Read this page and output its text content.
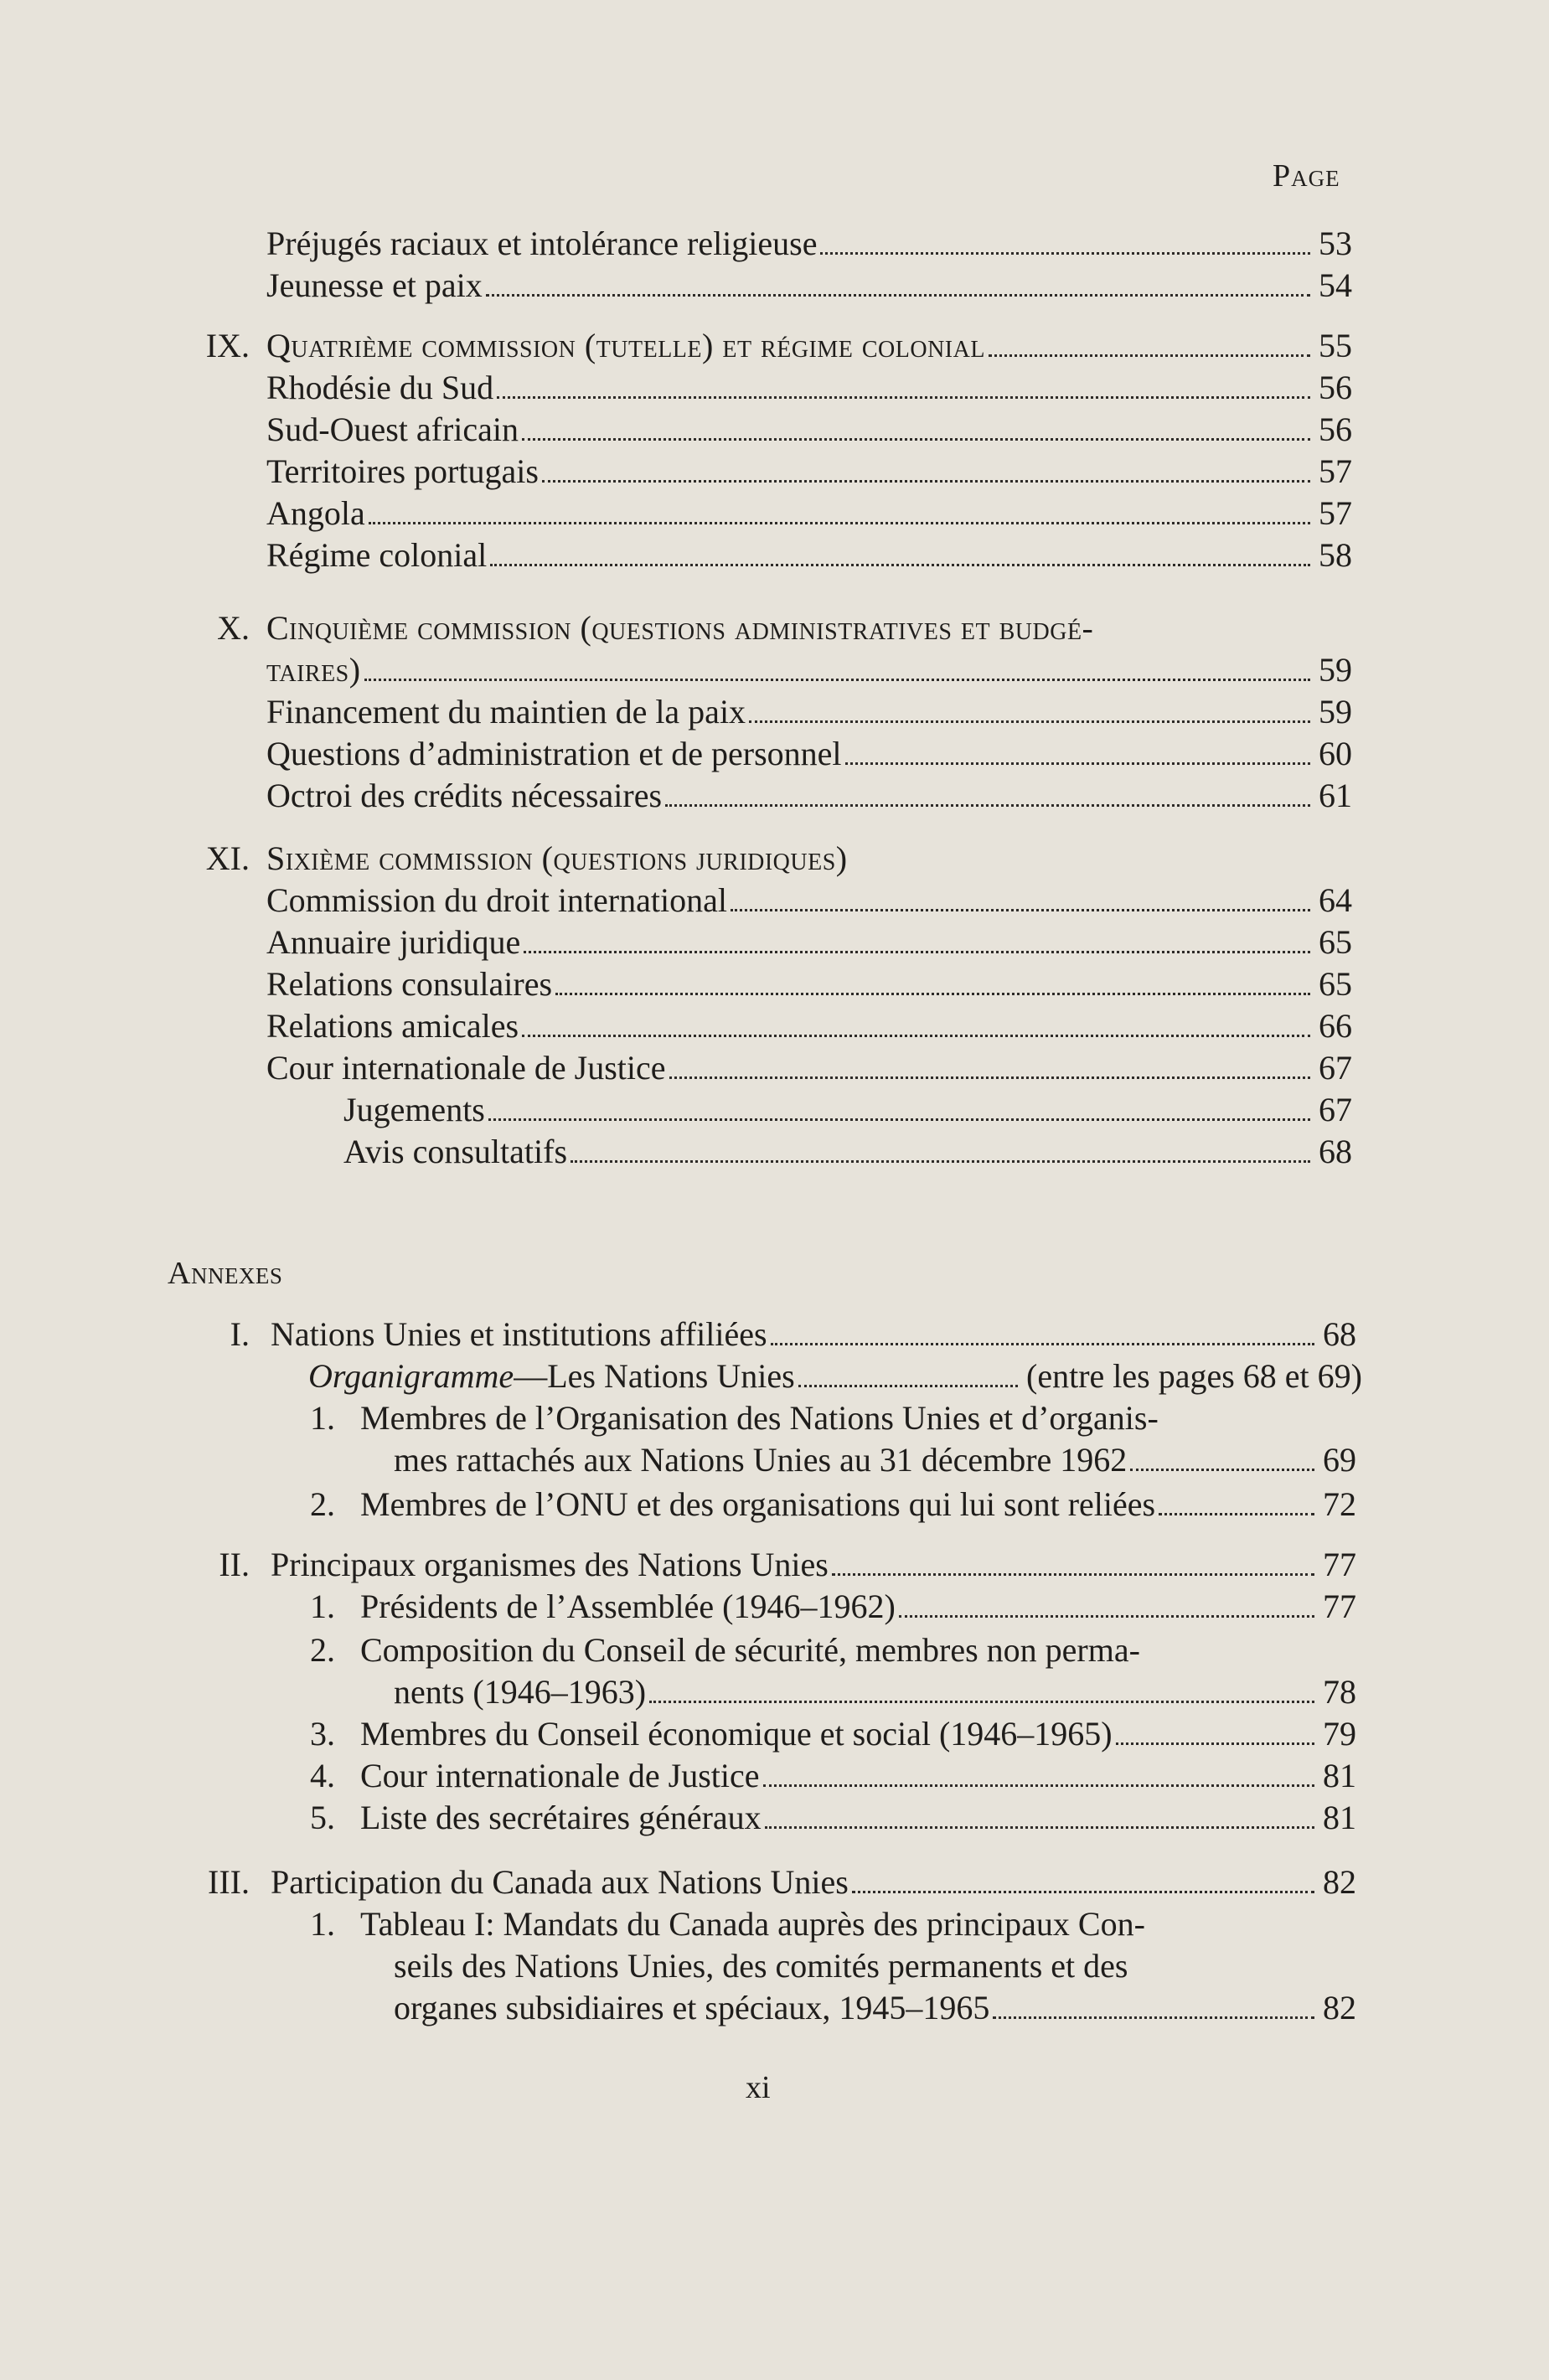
Page
Préjugés raciaux et intolérance religieuse	53
Jeunesse et paix	54
IX. Quatrième commission (tutelle) et régime colonial	55
Rhodésie du Sud	56
Sud-Ouest africain	56
Territoires portugais	57
Angola	57
Régime colonial	58
X. Cinquième commission (questions administratives et budgé-
taires)	59
Financement du maintien de la paix	59
Questions d’administration et de personnel	60
Octroi des crédits nécessaires	61
XI. Sixième commission (questions juridiques)
Commission du droit international	64
Annuaire juridique	65
Relations consulaires	65
Relations amicales	66
Cour internationale de Justice	67
Jugements	67
Avis consultatifs	68
Annexes
I. Nations Unies et institutions affiliées	68
Organigramme—Les Nations Unies	(entre les pages 68 et 69)
1. Membres de l’Organisation des Nations Unies et d’organis-
mes rattachés aux Nations Unies au 31 décembre 1962	69
2. Membres de l’ONU et des organisations qui lui sont reliées	72
II. Principaux organismes des Nations Unies	77
1. Présidents de l’Assemblée (1946–1962)	77
2. Composition du Conseil de sécurité, membres non perma-
nents (1946–1963)	78
3. Membres du Conseil économique et social (1946–1965)	79
4. Cour internationale de Justice	81
5. Liste des secrétaires généraux	81
III. Participation du Canada aux Nations Unies	82
1. Tableau I: Mandats du Canada auprès des principaux Con-
seils des Nations Unies, des comités permanents et des
organes subsidiaires et spéciaux, 1945–1965	82
xi
